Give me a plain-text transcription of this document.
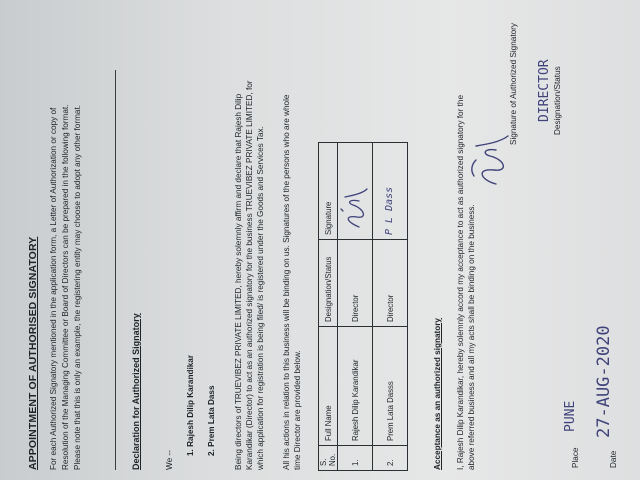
APPOINTMENT OF AUTHORISED SIGNATORY For each Authorized Signatory mentioned in the application form, a Letter of Authorization or copy of Resolution of the Managing Committee or Board of Directors can be prepared in the following format. Please note that this is only an example, the registering entity may choose to adopt any other format.	Declaration for Authorized Signatory	We --
1. Rajesh Dilip Karandikar 2. Prem Lata Dass Being directors of TRUEVIBEZ PRIVATE LIMITED, hereby solemnly affirm and declare that Rajesh Dilip Karandikar (Director) to act as an authorized signatory for the business TRUEVIBEZ PRIVATE LIMITED, for which application for registration is being filed/ is registered under the Goods and Services Tax. All his actions in relation to this business will be binding on us. Signatures of the persons who are whole time Director are provided below. S. No.	Full Name	Designation/Status	Signature
1.	Rajesh Dilip Karandikar	Director	

2.	Prem Lata Dasss	Director	P L Dass
Acceptance as an authorized signatory I, Rajesh Dilip Karandikar, hereby solemnly accord my acceptance to act as authorized signatory for the above referred business and all my acts shall be binding on the business.
Signature of Authorized Signatory DIRECTOR Designation/Status
Place
PUNE
Date
27-AUG-2020
